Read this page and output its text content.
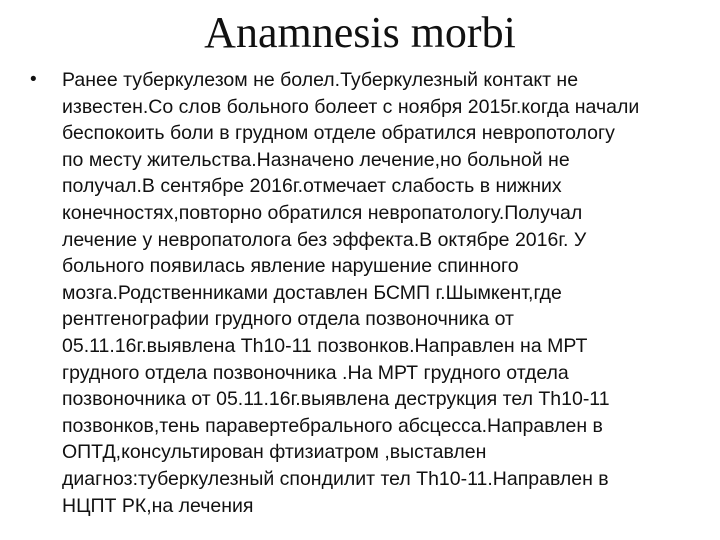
Anamnesis morbi
• Ранее туберкулезом не болел.Туберкулезный контакт не
известен.Со слов больного болеет с ноября 2015г.когда начали
беспокоить боли в грудном отделе обратился невропотологу
по месту жительства.Назначено лечение,но больной не
получал.В сентябре 2016г.отмечает слабость в нижних
конечностях,повторно обратился невропатологу.Получал
лечение у невропатолога без эффекта.В октябре 2016г. У
больного появилась явление нарушение спинного
мозга.Родственниками доставлен БСМП г.Шымкент,где
рентгенографии грудного отдела позвоночника от
05.11.16г.выявлена Th10-11 позвонков.Направлен на МРТ
грудного отдела позвоночника .На МРТ грудного отдела
позвоночника от 05.11.16г.выявлена деструкция тел Th10-11
позвонков,тень паравертебрального абсцесса.Направлен в
ОПТД,консультирован фтизиатром ,выставлен
диагноз:туберкулезный спондилит тел Th10-11.Направлен в
НЦПТ РК,на лечения
